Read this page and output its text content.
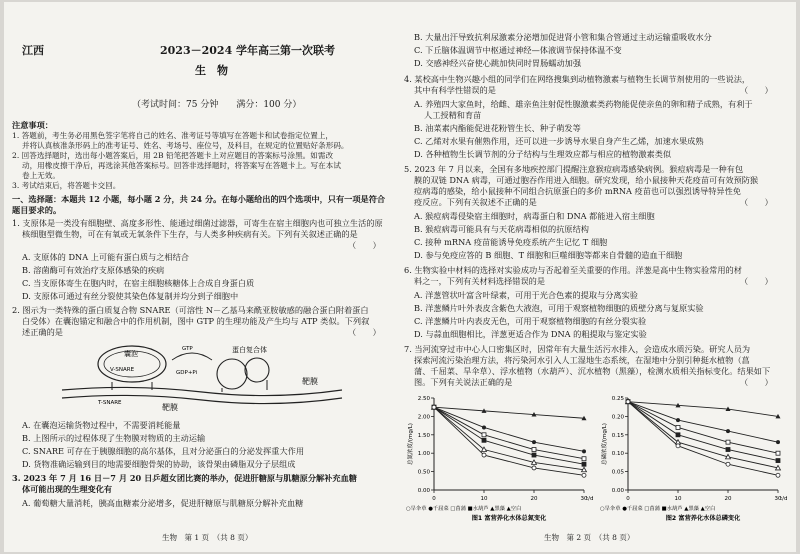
江西	2023－2024 学年高三第一次联考
生　物
（考试时间：75 分钟　　满分：100 分）
注意事项：
1. 答题前，考生务必用黑色签字笔将自己的姓名、准考证号等填写在答题卡和试卷指定位置上，
并将认真核准条形码上的准考证号、姓名、考场号、座位号，及科目，在规定的位置贴好条形码。
2. 回答选择题时，选出每小题答案后，用 2B 铅笔把答题卡上对应题目的答案标号涂黑。如需改
动，用橡皮擦干净后，再选涂其他答案标号。回答非选择题时，将答案写在答题卡上。写在本试
卷上无效。
3. 考试结束后，将答题卡交回。
一、选择题：本题共 12 小题，每小题 2 分，共 24 分。在每小题给出的四个选项中，只有一项是符合
题目要求的。
1. 支原体是一类没有细胞壁、高度多形性、能通过细菌过滤器，可寄生在宿主细胞内也可独立生活的原
核细胞型微生物，可在有氧或无氧条件下生存，与人类多种疾病有关。下列有关叙述正确的是
（　　）
A. 支原体的 DNA 上可能有蛋白质与之相结合
B. 溶菌酶可有效治疗支原体感染的疾病
C. 当支原体寄生在胞内时，在宿主细胞核糖体上合成自身蛋白质
D. 支原体可通过有丝分裂使其染色体复制并均分到子细胞中
2. 图示为一类特殊的蛋白质复合物 SNARE（可溶性 N－乙基马来酰亚胺敏感的融合蛋白附着蛋白
白受体）在囊泡锚定和融合中的作用机制，图中 GTP 的生理功能及产生均与 ATP 类似。下列叙
述正确的是	（　　）
囊泡
V-SNARE
T-SNARE
蛋白复合体
GTP
GDP+Pi
靶膜
靶膜
A. 在囊泡运输货物过程中，不需要消耗能量
B. 上图所示的过程体现了生物膜对物质的主动运输
C. SNARE 可存在于胰腺细胞的高尔基体，且对分泌蛋白的分泌发挥重大作用
D. 货物准确运输到目的地需要细胞骨架的协助，该骨架由磷脂双分子层组成
3. 2023 年 7 月 16 日－7 月 20 日乒超女团比赛的举办，促进肝糖原与肌糖原分解补充血糖
体可能出现的生理变化有
A. 葡萄糖大量消耗，胰高血糖素分泌增多，促进肝糖原与肌糖原分解补充血糖
生物　第 1 页　（共 8 页）
B. 大量出汗导致抗利尿激素分泌增加促进肾小管和集合管通过主动运输重吸收水分
C. 下丘脑体温调节中枢通过神经—体液调节保持体温不变
D. 交感神经兴奋使心跳加快同时胃肠蠕动加强
4. 某校高中生物兴趣小组的同学们在网络搜集到动植物激素与植物生长调节剂使用的一些说法，
其中有科学性错误的是	（　　）
A. 养殖四大家鱼时，给雌、雄亲鱼注射促性腺激素类药物能促使亲鱼的卵和精子成熟，有利于
人工授精和育苗
B. 油菜素内酯能促进花粉管生长、种子萌发等
C. 乙烯对水果有催熟作用，还可以进一步诱导水果自身产生乙烯，加速水果成熟
D. 各种植物生长调节剂的分子结构与生理效应都与相应的植物激素类似
5. 2023 年 7 月以来，全国有多地疾控部门提醒注意猴痘病毒感染病例。猴痘病毒是一种有包
膜的双链 DNA 病毒，可通过胞吞作用进入细胞。研究发现，给小鼠接种天花疫苗可有效预防猴
痘病毒的感染，给小鼠接种不同组合抗原蛋白的多价 mRNA 疫苗也可以强烈诱导特异性免
疫反应。下列有关叙述不正确的是	（　　）
A. 猴痘病毒侵染宿主细胞时，病毒蛋白和 DNA 都能进入宿主细胞
B. 猴痘病毒可能具有与天花病毒相似的抗原结构
C. 接种 mRNA 疫苗能诱导免疫系统产生记忆 T 细胞
D. 参与免疫应答的 B 细胞、T 细胞和巨噬细胞等都来自骨髓的造血干细胞
6. 生物实验中材料的选择对实验成功与否起着至关重要的作用。洋葱是高中生物实验常用的材
料之一，下列有关材料选择错误的是	（　　）
A. 洋葱管状叶富含叶绿素，可用于光合色素的提取与分离实验
B. 洋葱鳞片叶外表皮含紫色大液泡，可用于观察植物细胞的质壁分离与复原实验
C. 洋葱鳞片叶内表皮无色，可用于观察植物细胞的有丝分裂实验
D. 与蒜血细胞相比，洋葱更适合作为 DNA 的粗提取与鉴定实验
7. 当河流穿过市中心人口密集区时，因常年有大量生活污水排入，会造成水质污染。研究人员为
探索河流污染治理方法，将污染河水引入人工湿地生态系统，在湿地中分别引种挺水植物（菖
蒲、千屈菜、旱伞草）、浮水植物（水葫芦）、沉水植物（黑藻），检测水质相关指标变化。结果如下
图。下列有关说法正确的是	（　　）
0.00
0.50
1.00
1.50
2.00
2.50
0	10	20	30
t/d
总氮浓度/(mg/L)
○旱伞草 ●千屈菜 □菖蒲 ■水葫芦 ▲黑藻 ▲空白
图1 富营养化水体总氮变化
0.00
0.05
0.10
0.15
0.20
0.25
0	10	20	30
t/d
总磷浓度/(mg/L)
○旱伞草 ●千屈菜 □菖蒲 ■水葫芦 ▲黑藻 ▲空白
图2 富营养化水体总磷变化
生物　第 2 页　（共 8 页）
